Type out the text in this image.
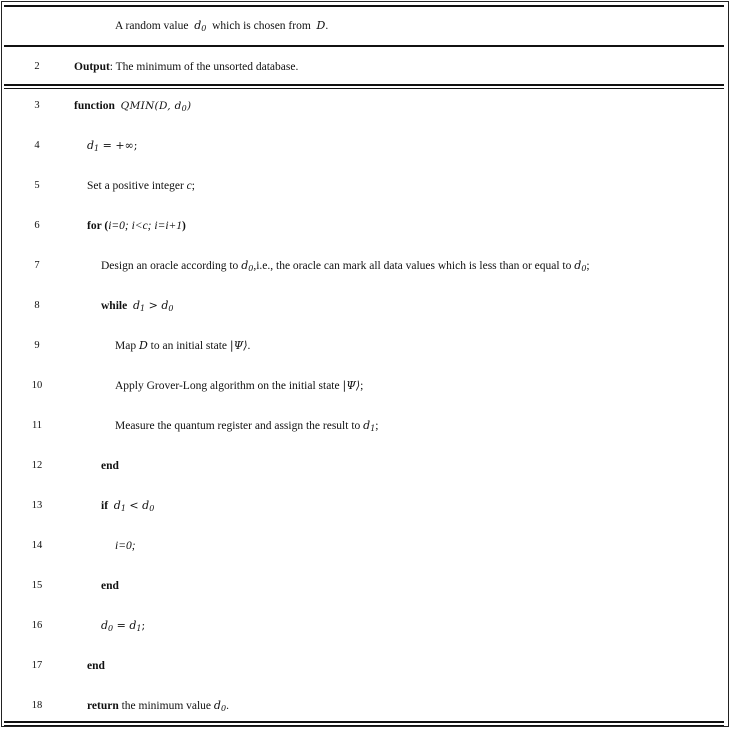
A random value $d_0$ which is chosen from D.
2	Output: The minimum of the unsorted database.
3	function QMIN(D, $d_0$)
4	$d_1$ = +∞;
5	Set a positive integer c;
6	for (i=0; i<c; i=i+1)
7	Design an oracle according to $d_0,i.e$., the oracle can mark all data values which is less than or equal to $d_0$;
8	while $d_1 > d_0$
9	Map D to an initial state |Ψ⟩.
10	Apply Grover-Long algorithm on the initial state |Ψ⟩;
11	Measure the quantum register and assign the result to $d_1$;
12	end
13	if $d_1 < d_0$
14	i=0;
15	end
16	$d_0 = d_1$;
17	end
18	return the minimum value $d_0$.
